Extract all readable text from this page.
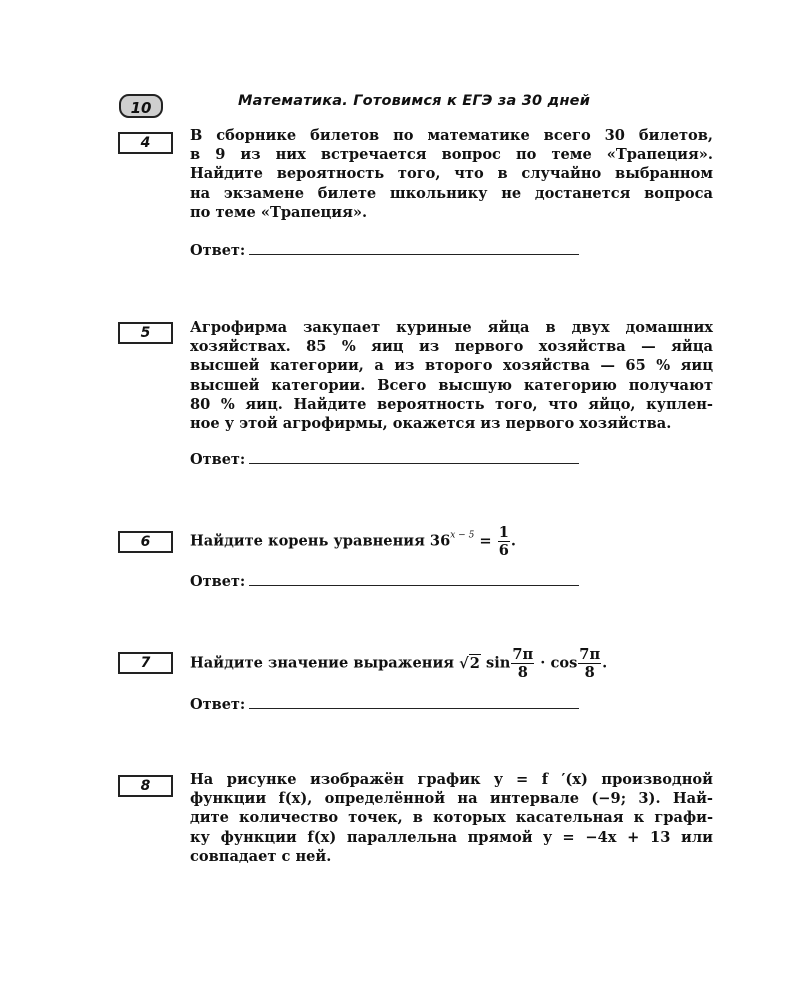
10	Математика. Готовимся к ЕГЭ за 30 дней
4	В сборнике билетов по математике всего 30 билетов,
в 9 из них встречается вопрос по теме «Трапеция».
Найдите вероятность того, что в случайно выбранном
на экзамене билете школьнику не достанется вопроса
по теме «Трапеция».
Ответ:
5	Агрофирма закупает куриные яйца в двух домашних
хозяйствах. 85 % яиц из первого хозяйства — яйца
высшей категории, а из второго хозяйства — 65 % яиц
высшей категории. Всего высшую категорию получают
80 % яиц. Найдите вероятность того, что яйцо, куплен-
ное у этой агрофирмы, окажется из первого хозяйства.
Ответ:
6	Найдите корень уравнения $36^{x - 5} = \frac{1}{6}$ .
Ответ:
7	Найдите значение выражения √2 $\sin \frac{7\pi}{8} \cdot \cos \frac{7\pi}{8}$ .
Ответ:
8	На рисунке изображён график y = f ′(x) производной
функции f(x), определённой на интервале (−9; 3). Най-
дите количество точек, в которых касательная к графи-
ку функции f(x) параллельна прямой y = −4x + 13 или
совпадает с ней.
